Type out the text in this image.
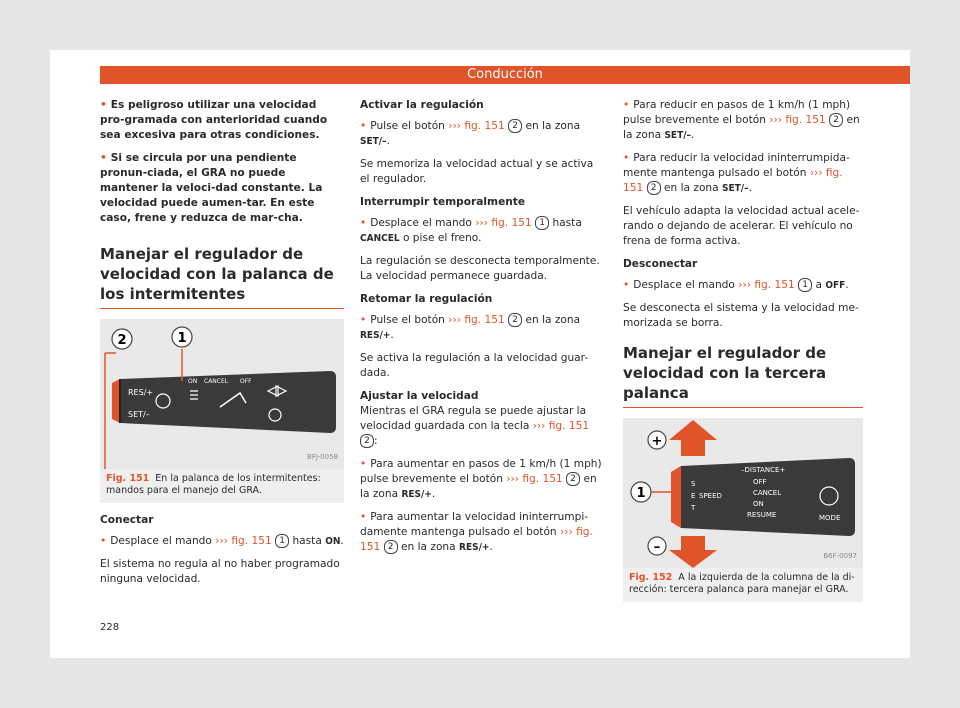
Conducción

• Es peligroso utilizar una velocidad pro-gramada con anterioridad cuando sea excesiva para otras condiciones.

• Si se circula por una pendiente pronun-ciada, el GRA no puede mantener la veloci-dad constante. La velocidad puede aumen-tar. En este caso, frene y reduzca de mar-cha.

Manejar el regulador de velocidad con la palanca de los intermitentes
RES/+
SET/–
ON CANCEL OFF
2	1
BFJ-0058
Fig. 151 En la palanca de los intermitentes: mandos para el manejo del GRA.

Conectar

• Desplace el mando ››› fig. 151 1 hasta ON.

El sistema no regula al no haber programado ninguna velocidad.

Activar la regulación

• Pulse el botón ››› fig. 151 2 en la zona SET/–.

Se memoriza la velocidad actual y se activa el regulador.

Interrumpir temporalmente

• Desplace el mando ››› fig. 151 1 hasta CANCEL o pise el freno.

La regulación se desconecta temporalmente. La velocidad permanece guardada.

Retomar la regulación

• Pulse el botón ››› fig. 151 2 en la zona RES/+.

Se activa la regulación a la velocidad guar-dada.

Ajustar la velocidad

Mientras el GRA regula se puede ajustar la velocidad guardada con la tecla ››› fig. 151 2 :

• Para aumentar en pasos de 1 km/h (1 mph) pulse brevemente el botón ››› fig. 151 2 en la zona RES/+.

• Para aumentar la velocidad ininterrumpi-damente mantenga pulsado el botón ››› fig. 151 2 en la zona RES/+.

• Para reducir en pasos de 1 km/h (1 mph) pulse brevemente el botón ››› fig. 151 2 en la zona SET/–.

• Para reducir la velocidad ininterrumpida-mente mantenga pulsado el botón ››› fig. 151 2 en la zona SET/–.

El vehículo adapta la velocidad actual acele-rando o dejando de acelerar. El vehículo no frena de forma activa.

Desconectar

• Desplace el mando ››› fig. 151 1 a OFF.

Se desconecta el sistema y la velocidad me-morizada se borra.

Manejar el regulador de velocidad con la tercera palanca
+
–
1
–DISTANCE+
S
E
T
SPEED
OFF
CANCEL
ON
RESUME	MODE
B6F-0097
Fig. 152 A la izquierda de la columna de la di-rección: tercera palanca para manejar el GRA.
228
